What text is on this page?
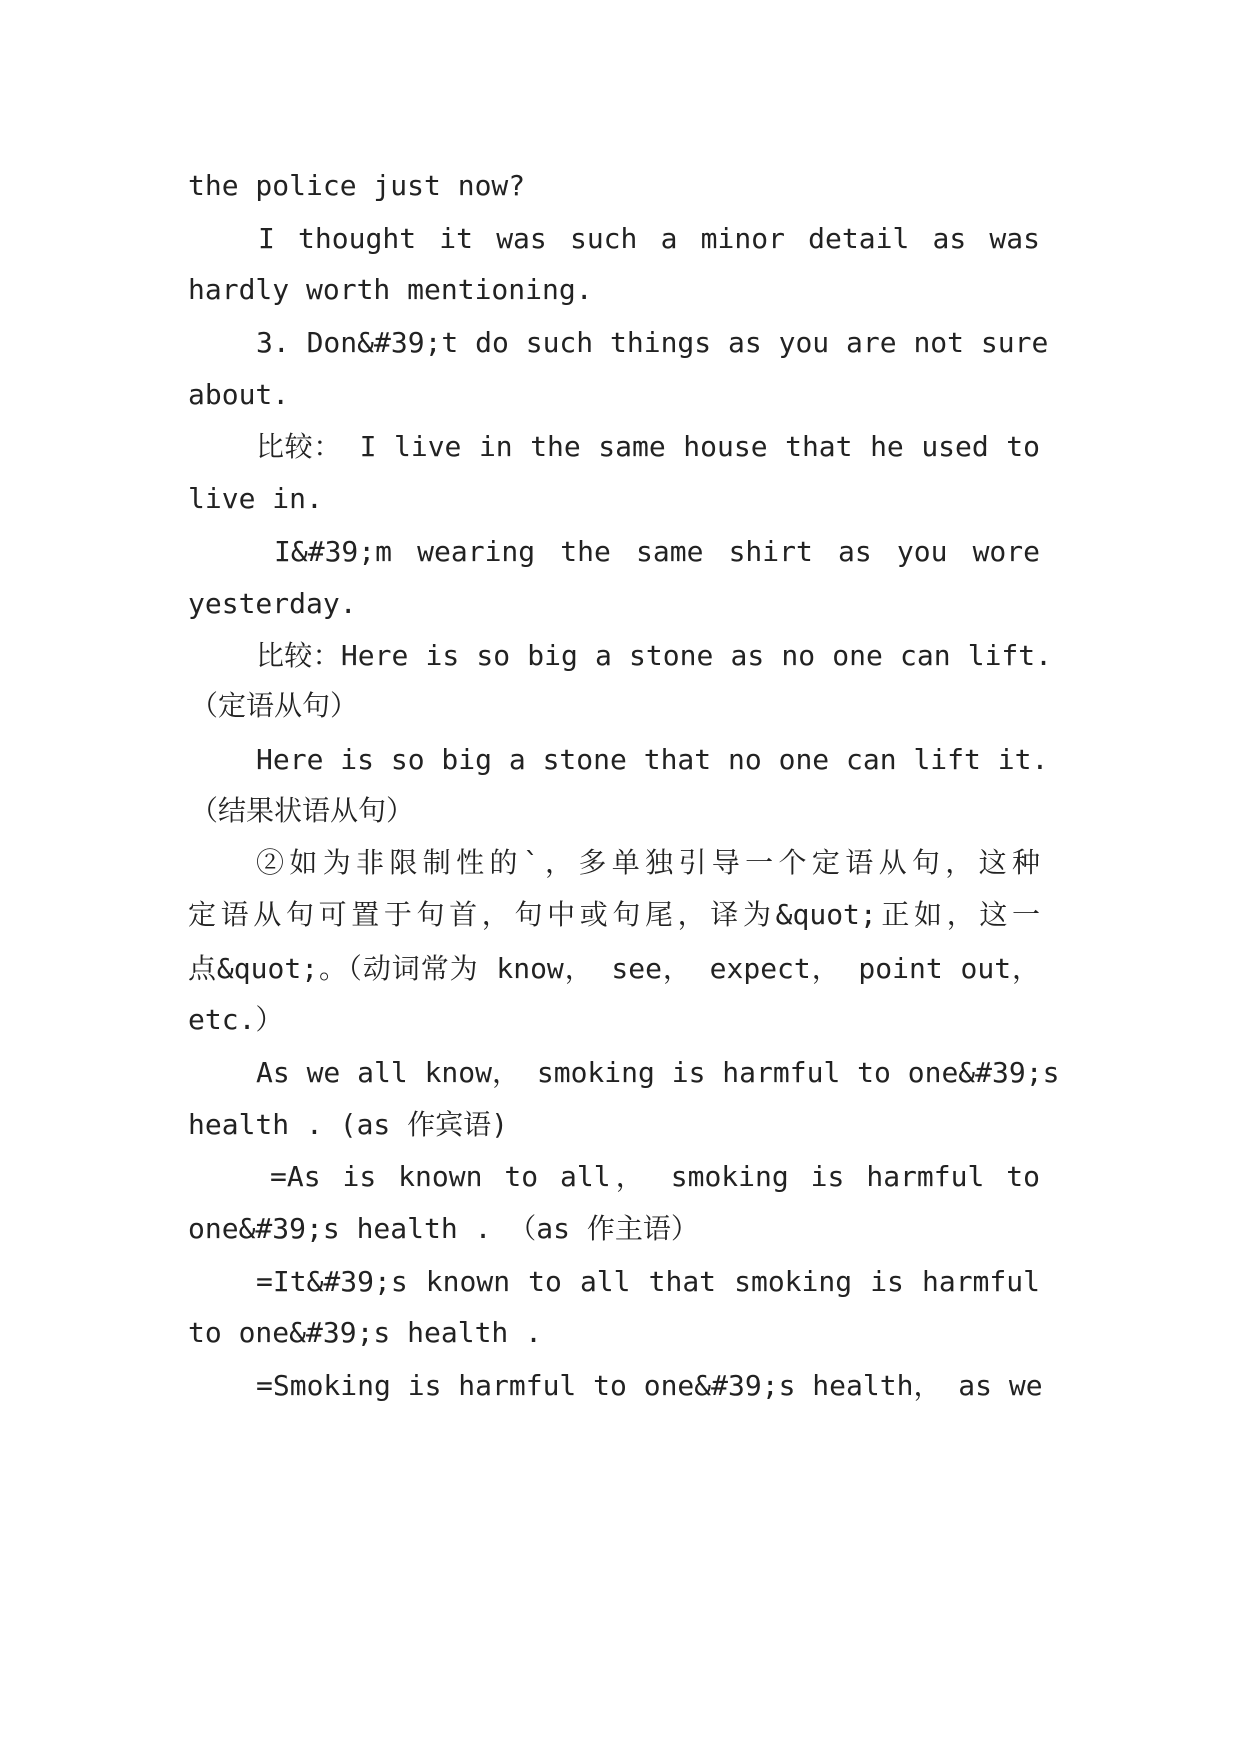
the police just now?
I thought it was such a minor detail as was
hardly worth mentioning.
3. Don&#39;t do such things as you are not sure
about.
比较： I live in the same house that he used to
live in.
I&#39;m wearing the same shirt as you wore
yesterday.
比较：Here is so big a stone as no one can lift.
（定语从句）
Here is so big a stone that no one can lift it.
（结果状语从句）
②如为非限制性的`，多单独引导一个定语从句，这种
定语从句可置于句首，句中或句尾，译为&quot;正如，这一
点&quot;。（动词常为 know， see， expect， point out，
etc.）
As we all know， smoking is harmful to one&#39;s
health . (as 作宾语)
=As is known to all， smoking is harmful to
one&#39;s health . （as 作主语）
=It&#39;s known to all that smoking is harmful
to one&#39;s health .
=Smoking is harmful to one&#39;s health， as we
